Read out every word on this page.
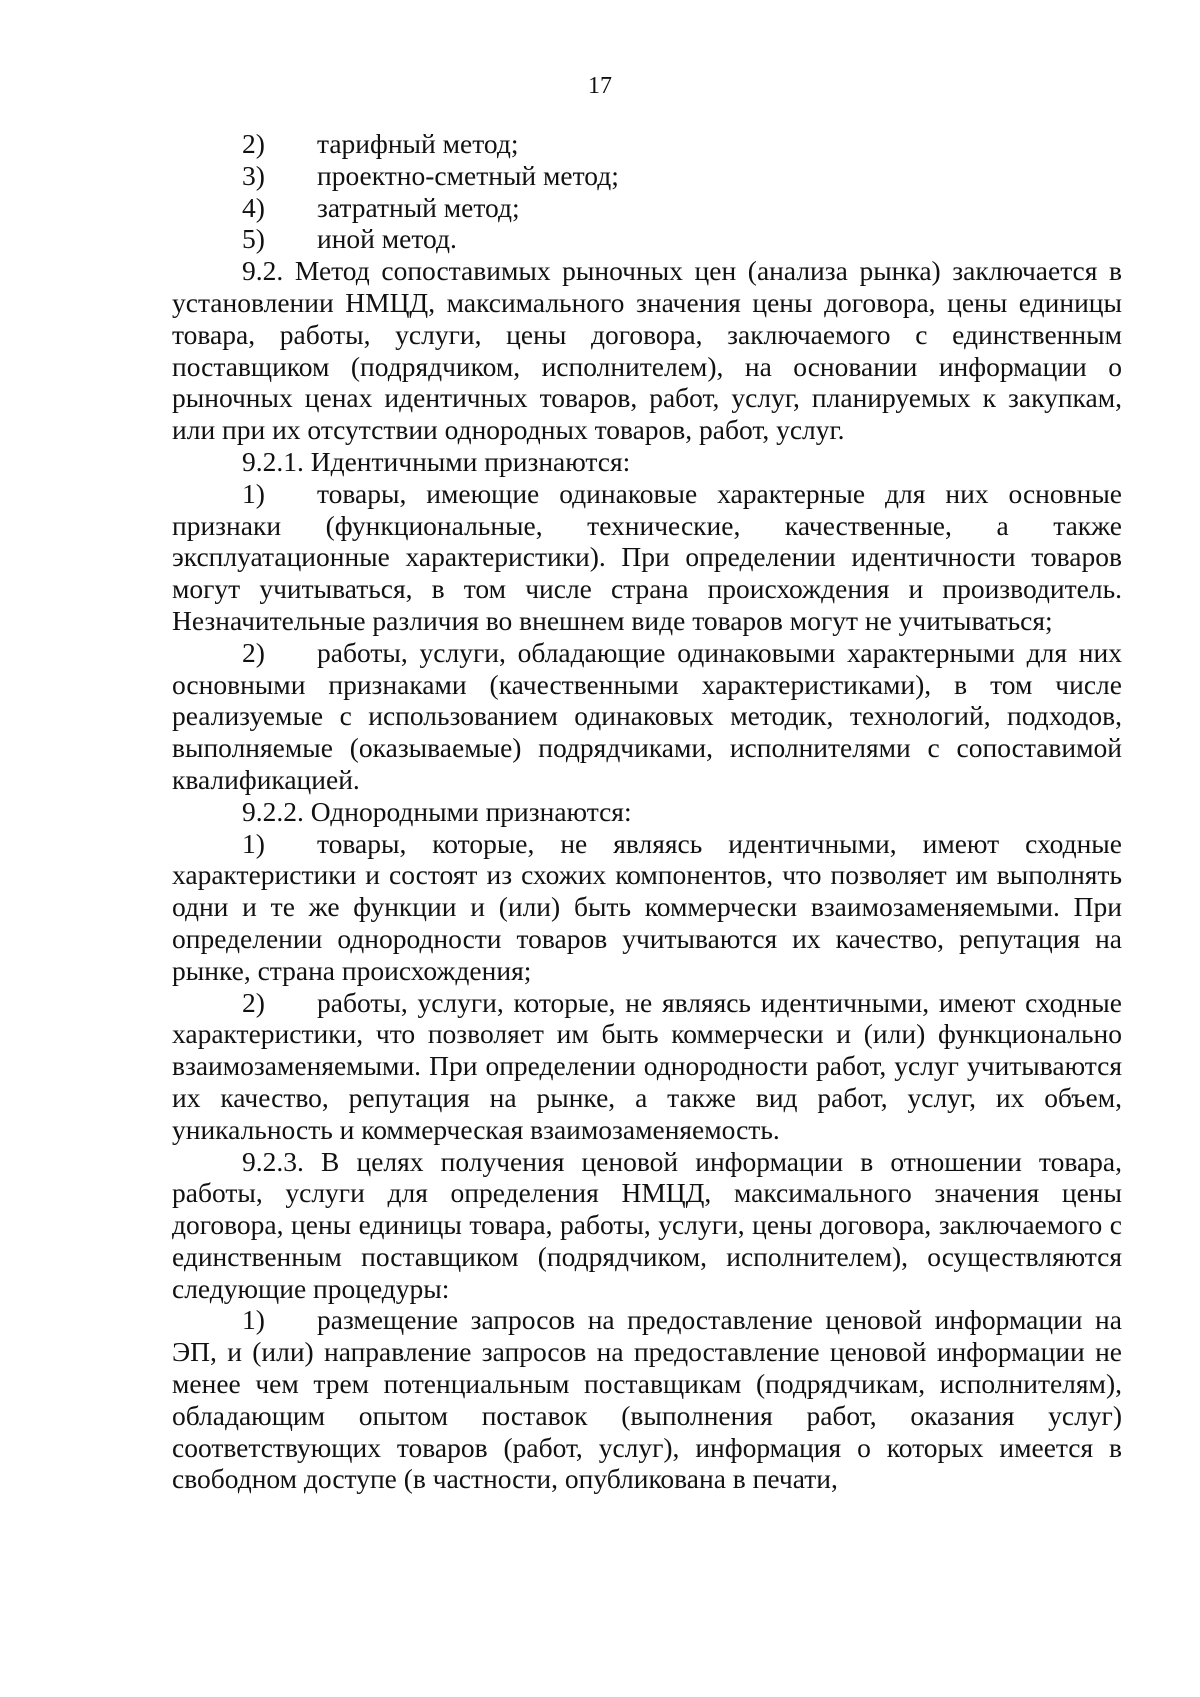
17

2) тарифный метод;

3) проектно-сметный метод;

4) затратный метод;

5) иной метод.

9.2. Метод сопоставимых рыночных цен (анализа рынка) заключается в установлении НМЦД, максимального значения цены договора, цены единицы товара, работы, услуги, цены договора, заключаемого с единственным поставщиком (подрядчиком, исполнителем), на основании информации о рыночных ценах идентичных товаров, работ, услуг, планируемых к закупкам, или при их отсутствии однородных товаров, работ, услуг.

9.2.1. Идентичными признаются:

1) товары, имеющие одинаковые характерные для них основные признаки (функциональные, технические, качественные, а также эксплуатационные характеристики). При определении идентичности товаров могут учитываться, в том числе страна происхождения и производитель. Незначительные различия во внешнем виде товаров могут не учитываться;

2) работы, услуги, обладающие одинаковыми характерными для них основными признаками (качественными характеристиками), в том числе реализуемые с использованием одинаковых методик, технологий, подходов, выполняемые (оказываемые) подрядчиками, исполнителями с сопоставимой квалификацией.

9.2.2. Однородными признаются:

1) товары, которые, не являясь идентичными, имеют сходные характеристики и состоят из схожих компонентов, что позволяет им выполнять одни и те же функции и (или) быть коммерчески взаимозаменяемыми. При определении однородности товаров учитываются их качество, репутация на рынке, страна происхождения;

2) работы, услуги, которые, не являясь идентичными, имеют сходные характеристики, что позволяет им быть коммерчески и (или) функционально взаимозаменяемыми. При определении однородности работ, услуг учитываются их качество, репутация на рынке, а также вид работ, услуг, их объем, уникальность и коммерческая взаимозаменяемость.

9.2.3. В целях получения ценовой информации в отношении товара, работы, услуги для определения НМЦД, максимального значения цены договора, цены единицы товара, работы, услуги, цены договора, заключаемого с единственным поставщиком (подрядчиком, исполнителем), осуществляются следующие процедуры:

1) размещение запросов на предоставление ценовой информации на ЭП, и (или) направление запросов на предоставление ценовой информации не менее чем трем потенциальным поставщикам (подрядчикам, исполнителям), обладающим опытом поставок (выполнения работ, оказания услуг) соответствующих товаров (работ, услуг), информация о которых имеется в свободном доступе (в частности, опубликована в печати,
